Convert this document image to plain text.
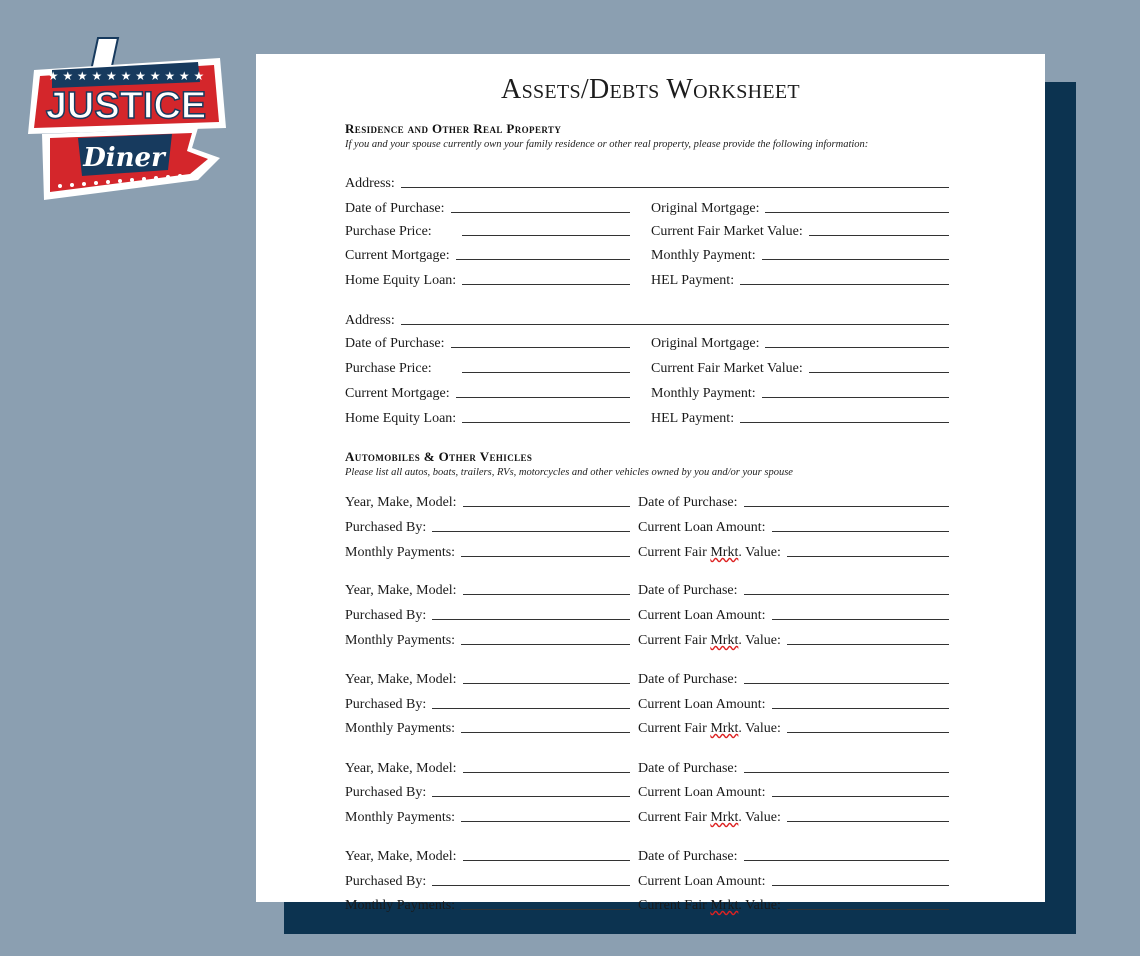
★ ★ ★ ★ ★ ★ ★ ★ ★ ★ ★
JUSTICE
Diner
Assets/Debts Worksheet
Residence and Other Real Property
If you and your spouse currently own your family residence or other real property, please provide the following information:
Address:
Date of Purchase:	Original Mortgage:
Purchase Price:	Current Fair Market Value:
Current Mortgage:	Monthly Payment:
Home Equity Loan:	HEL Payment:
Address:
Date of Purchase:	Original Mortgage:
Purchase Price:	Current Fair Market Value:
Current Mortgage:	Monthly Payment:
Home Equity Loan:	HEL Payment:
Automobiles & Other Vehicles
Please list all autos, boats, trailers, RVs, motorcycles and other vehicles owned by you and/or your spouse
Year, Make, Model:	Date of Purchase:
Purchased By:	Current Loan Amount:
Monthly Payments:	Current Fair Mrkt. Value:
Year, Make, Model:	Date of Purchase:
Purchased By:	Current Loan Amount:
Monthly Payments:	Current Fair Mrkt. Value:
Year, Make, Model:	Date of Purchase:
Purchased By:	Current Loan Amount:
Monthly Payments:	Current Fair Mrkt. Value:
Year, Make, Model:	Date of Purchase:
Purchased By:	Current Loan Amount:
Monthly Payments:	Current Fair Mrkt. Value:
Year, Make, Model:	Date of Purchase:
Purchased By:	Current Loan Amount:
Monthly Payments:	Current Fair Mrkt. Value:
